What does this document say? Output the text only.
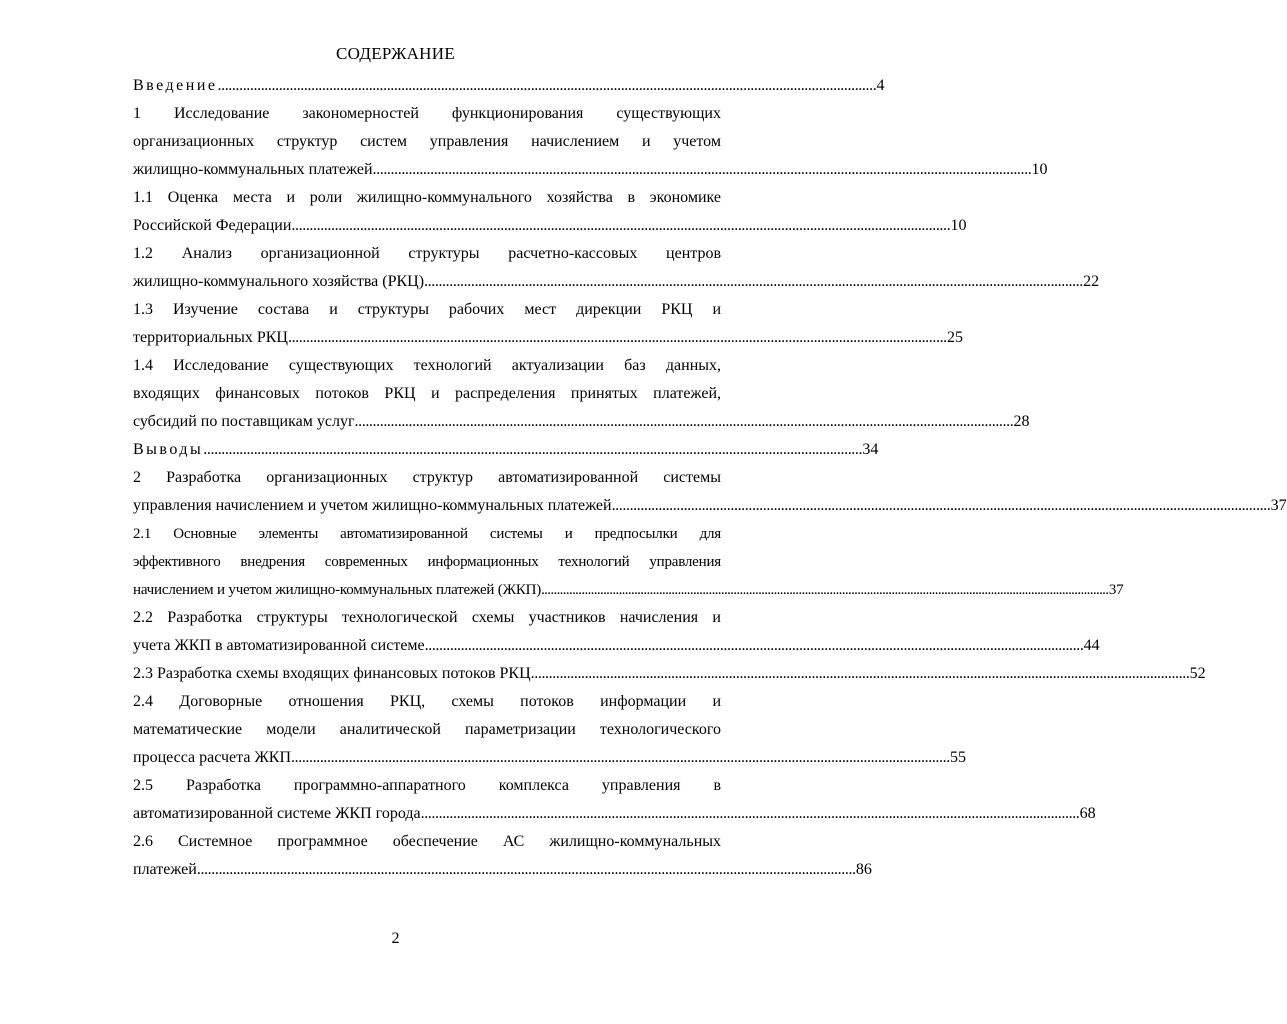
СОДЕРЖАНИЕ
Введение . . .	4
1 Исследование закономерностей функционирования существующих
организационных структур систем управления начислением и учетом
жилищно-коммунальных платежей . . .	10
1.1 Оценка места и роли жилищно-коммунального хозяйства в экономике
Российской Федерации . . .	10
1.2 Анализ организационной структуры расчетно-кассовых центров
жилищно-коммунального хозяйства (РКЦ) . . .	22
1.3 Изучение состава и структуры рабочих мест дирекции РКЦ и
территориальных РКЦ . . .	25
1.4 Исследование существующих технологий актуализации баз данных,
входящих финансовых потоков РКЦ и распределения принятых платежей,
субсидий по поставщикам услуг . . .	28
Выводы . . .	34
2 Разработка организационных структур автоматизированной системы
управления начислением и учетом жилищно-коммунальных платежей . . .	37
2.1 Основные элементы автоматизированной системы и предпосылки для
эффективного внедрения современных информационных технологий управления
начислением и учетом жилищно-коммунальных платежей (ЖКП) . . .	37
2.2 Разработка структуры технологической схемы участников начисления и
учета ЖКП в автоматизированной системе . . .	44
2.3 Разработка схемы входящих финансовых потоков РКЦ . . .	52
2.4 Договорные отношения РКЦ, схемы потоков информации и
математические модели аналитической параметризации технологического
процесса расчета ЖКП . . .	55
2.5 Разработка программно-аппаратного комплекса управления в
автоматизированной системе ЖКП города . . .	68
2.6 Системное программное обеспечение АС жилищно-коммунальных
платежей . . .	86
2
